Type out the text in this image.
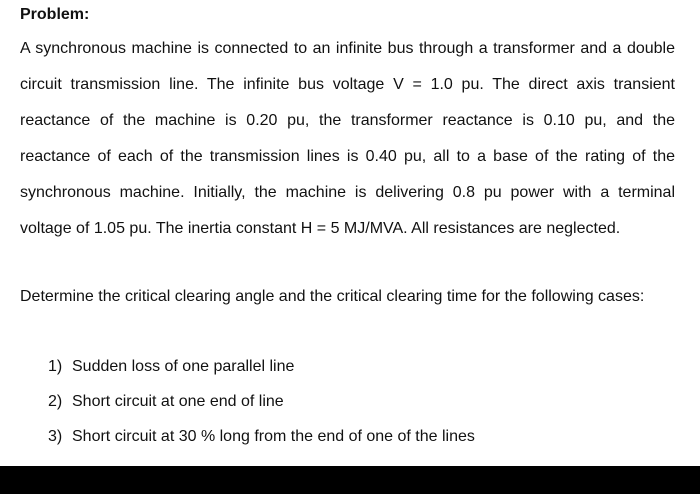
Problem:

A synchronous machine is connected to an infinite bus through a transformer and a double circuit transmission line. The infinite bus voltage V = 1.0 pu. The direct axis transient reactance of the machine is 0.20 pu, the transformer reactance is 0.10 pu, and the reactance of each of the transmission lines is 0.40 pu, all to a base of the rating of the synchronous machine. Initially, the machine is delivering 0.8 pu power with a terminal voltage of 1.05 pu. The inertia constant H = 5 MJ/MVA. All resistances are neglected.

Determine the critical clearing angle and the critical clearing time for the following cases:

1) Sudden loss of one parallel line
2) Short circuit at one end of line
3) Short circuit at 30 % long from the end of one of the lines
